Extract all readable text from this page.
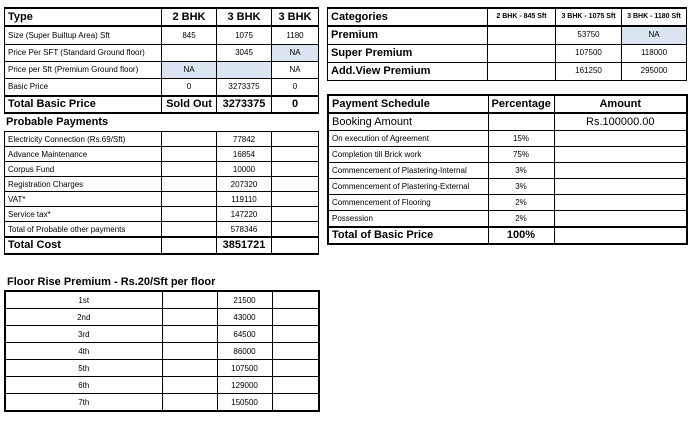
Type	2 BHK	3 BHK	3 BHK
Size (Super Builtup Area) Sft	845	1075	1180
Price Per SFT (Standard Ground floor)		3045	NA
Price per Sft (Premium Ground floor)	NA		NA
Basic Price	0	3273375	0
Total Basic Price	Sold Out	3273375	0
Probable Payments
Electricity Connection (Rs.69/Sft)		77842	
Advance Maintenance		16854	
Corpus Fund		10000	
Registration Charges		207320	
VAT*		119110	
Service tax*		147220	
Total of Probable other payments		578346	
Total Cost		3851721	
Floor Rise Premium - Rs.20/Sft per floor
1st		21500	
2nd		43000	
3rd		64500	
4th		86000	
5th		107500	
6th		129000	
7th		150500	
Categories	2 BHK - 845 Sft	3 BHK - 1075 Sft	3 BHK - 1180 Sft
Premium		53750	NA
Super Premium		107500	118000
Add.View Premium		161250	295000
Payment Schedule	Percentage	Amount
Booking Amount		Rs.100000.00
On execution of Agreement	15%	
Completion till Brick work	75%	
Commencement of Plastering-Internal	3%	
Commencement of Plastering-External	3%	
Commencement of Flooring	2%	
Possession	2%	
Total of Basic Price	100%	
